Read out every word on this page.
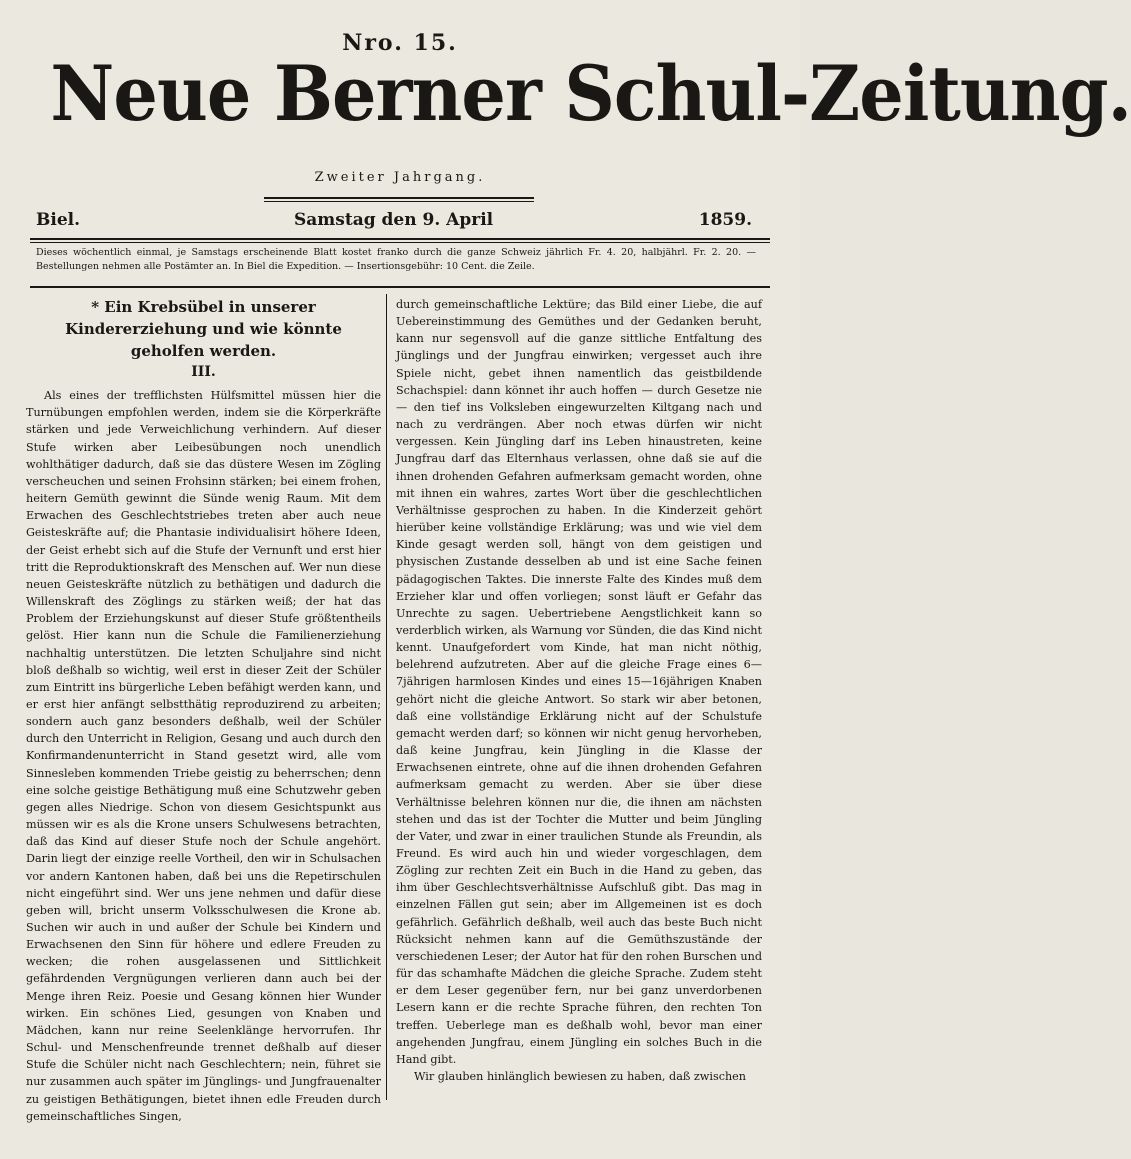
Nro. 15.
Neue Berner Schul-Zeitung.
Zweiter Jahrgang.
Biel.	Samstag den 9. April	1859.
Dieses wöchentlich einmal, je Samstags erscheinende Blatt kostet franko durch die ganze Schweiz jährlich Fr. 4. 20, halbjährl. Fr. 2. 20. — Bestellungen nehmen alle Postämter an. In Biel die Expedition. — Insertionsgebühr: 10 Cent. die Zeile.
* Ein Krebsübel in unserer Kindererziehung und wie könnte geholfen werden.
III.

Als eines der trefflichsten Hülfsmittel müssen hier die Turnübungen empfohlen werden, indem sie die Körperkräfte stärken und jede Verweichlichung verhindern. Auf dieser Stufe wirken aber Leibesübungen noch unendlich wohlthätiger dadurch, daß sie das düstere Wesen im Zögling verscheuchen und seinen Frohsinn stärken; bei einem frohen, heitern Gemüth gewinnt die Sünde wenig Raum. Mit dem Erwachen des Geschlechtstriebes treten aber auch neue Geisteskräfte auf; die Phantasie individualisirt höhere Ideen, der Geist erhebt sich auf die Stufe der Vernunft und erst hier tritt die Reproduktionskraft des Menschen auf. Wer nun diese neuen Geisteskräfte nützlich zu bethätigen und dadurch die Willenskraft des Zöglings zu stärken weiß; der hat das Problem der Erziehungskunst auf dieser Stufe größtentheils gelöst. Hier kann nun die Schule die Familienerziehung nachhaltig unterstützen. Die letzten Schuljahre sind nicht bloß deßhalb so wichtig, weil erst in dieser Zeit der Schüler zum Eintritt ins bürgerliche Leben befähigt werden kann, und er erst hier anfängt selbstthätig reproduzirend zu arbeiten; sondern auch ganz besonders deßhalb, weil der Schüler durch den Unterricht in Religion, Gesang und auch durch den Konfirmandenunterricht in Stand gesetzt wird, alle vom Sinnesleben kommenden Triebe geistig zu beherrschen; denn eine solche geistige Bethätigung muß eine Schutzwehr geben gegen alles Niedrige. Schon von diesem Gesichtspunkt aus müssen wir es als die Krone unsers Schulwesens betrachten, daß das Kind auf dieser Stufe noch der Schule angehört. Darin liegt der einzige reelle Vortheil, den wir in Schulsachen vor andern Kantonen haben, daß bei uns die Repetirschulen nicht eingeführt sind. Wer uns jene nehmen und dafür diese geben will, bricht unserm Volksschulwesen die Krone ab. Suchen wir auch in und außer der Schule bei Kindern und Erwachsenen den Sinn für höhere und edlere Freuden zu wecken; die rohen ausgelassenen und Sittlichkeit gefährdenden Vergnügungen verlieren dann auch bei der Menge ihren Reiz. Poesie und Gesang können hier Wunder wirken. Ein schönes Lied, gesungen von Knaben und Mädchen, kann nur reine Seelenklänge hervorrufen. Ihr Schul- und Menschenfreunde trennet deßhalb auf dieser Stufe die Schüler nicht nach Geschlechtern; nein, führet sie nur zusammen auch später im Jünglings- und Jungfrauenalter zu geistigen Bethätigungen, bietet ihnen edle Freuden durch gemeinschaftliches Singen,

durch gemeinschaftliche Lektüre; das Bild einer Liebe, die auf Uebereinstimmung des Gemüthes und der Gedanken beruht, kann nur segensvoll auf die ganze sittliche Entfaltung des Jünglings und der Jungfrau einwirken; vergesset auch ihre Spiele nicht, gebet ihnen namentlich das geistbildende Schachspiel: dann könnet ihr auch hoffen — durch Gesetze nie — den tief ins Volksleben eingewurzelten Kiltgang nach und nach zu verdrängen. Aber noch etwas dürfen wir nicht vergessen. Kein Jüngling darf ins Leben hinaustreten, keine Jungfrau darf das Elternhaus verlassen, ohne daß sie auf die ihnen drohenden Gefahren aufmerksam gemacht worden, ohne mit ihnen ein wahres, zartes Wort über die geschlechtlichen Verhältnisse gesprochen zu haben. In die Kinderzeit gehört hierüber keine vollständige Erklärung; was und wie viel dem Kinde gesagt werden soll, hängt von dem geistigen und physischen Zustande desselben ab und ist eine Sache feinen pädagogischen Taktes. Die innerste Falte des Kindes muß dem Erzieher klar und offen vorliegen; sonst läuft er Gefahr das Unrechte zu sagen. Uebertriebene Aengstlichkeit kann so verderblich wirken, als Warnung vor Sünden, die das Kind nicht kennt. Unaufgefordert vom Kinde, hat man nicht nöthig, belehrend aufzutreten. Aber auf die gleiche Frage eines 6—7jährigen harmlosen Kindes und eines 15—16jährigen Knaben gehört nicht die gleiche Antwort. So stark wir aber betonen, daß eine vollständige Erklärung nicht auf der Schulstufe gemacht werden darf; so können wir nicht genug hervorheben, daß keine Jungfrau, kein Jüngling in die Klasse der Erwachsenen eintrete, ohne auf die ihnen drohenden Gefahren aufmerksam gemacht zu werden. Aber sie über diese Verhältnisse belehren können nur die, die ihnen am nächsten stehen und das ist der Tochter die Mutter und beim Jüngling der Vater, und zwar in einer traulichen Stunde als Freundin, als Freund. Es wird auch hin und wieder vorgeschlagen, dem Zögling zur rechten Zeit ein Buch in die Hand zu geben, das ihm über Geschlechtsverhältnisse Aufschluß gibt. Das mag in einzelnen Fällen gut sein; aber im Allgemeinen ist es doch gefährlich. Gefährlich deßhalb, weil auch das beste Buch nicht Rücksicht nehmen kann auf die Gemüthszustände der verschiedenen Leser; der Autor hat für den rohen Burschen und für das schamhafte Mädchen die gleiche Sprache. Zudem steht er dem Leser gegenüber fern, nur bei ganz unverdorbenen Lesern kann er die rechte Sprache führen, den rechten Ton treffen. Ueberlege man es deßhalb wohl, bevor man einer angehenden Jungfrau, einem Jüngling ein solches Buch in die Hand gibt.

Wir glauben hinlänglich bewiesen zu haben, daß zwischen
